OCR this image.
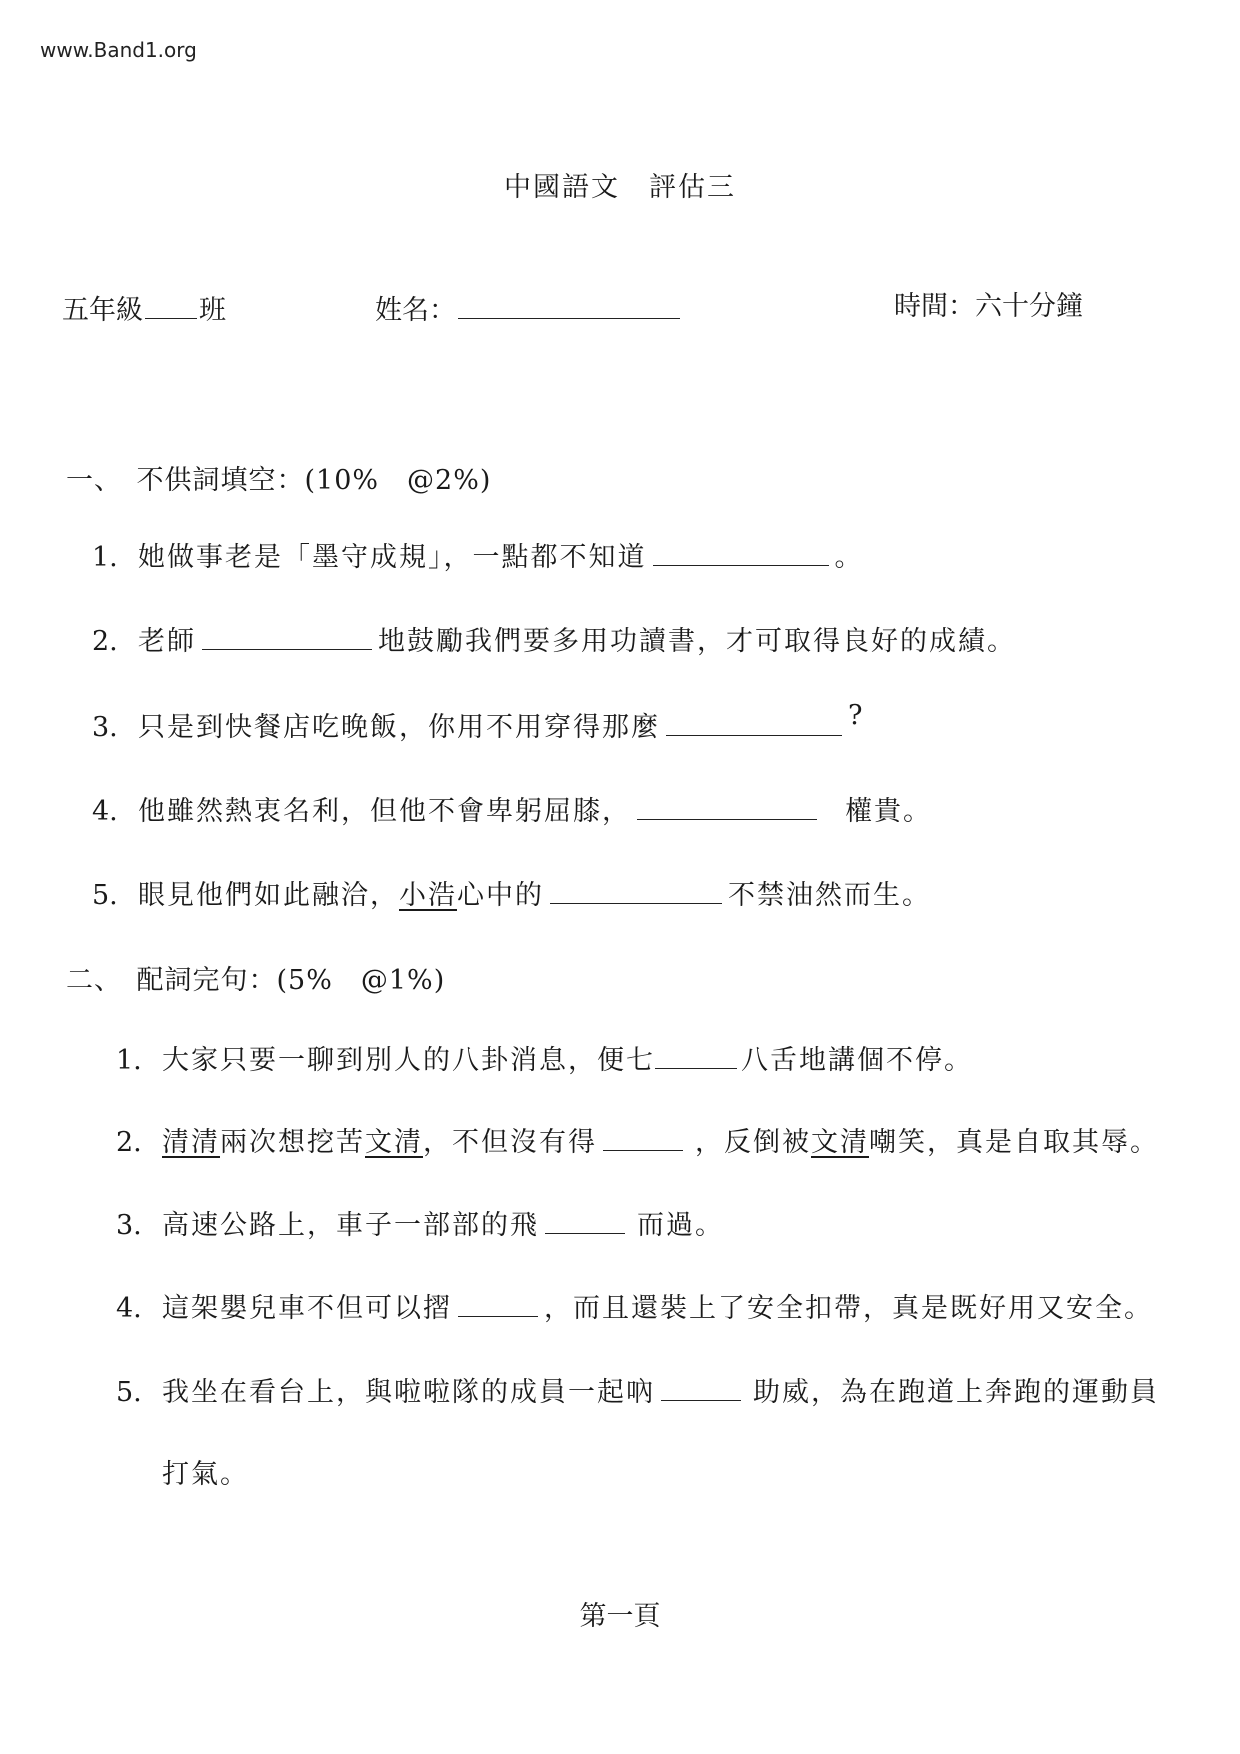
www.Band1.org
中國語文　評估三
五年級 班	姓名：	時間：六十分鐘
一、　不供詞填空：(10%　@2%)
1. 她做事老是「墨守成規」，一點都不知道	。
2. 老師	地鼓勵我們要多用功讀書，才可取得良好的成績。
3. 只是到快餐店吃晚飯，你用不用穿得那麼	?
4. 他雖然熱衷名利，但他不會卑躬屈膝，	權貴。
5. 眼見他們如此融洽，小浩心中的	不禁油然而生。
二、　配詞完句：(5%　@1%)
1. 大家只要一聊到別人的八卦消息，便七	八舌地講個不停。
2. 清清兩次想挖苦文清，不但沒有得	，反倒被文清嘲笑，真是自取其辱。
3. 高速公路上，車子一部部的飛	而過。
4. 這架嬰兒車不但可以摺	，而且還裝上了安全扣帶，真是既好用又安全。
5. 我坐在看台上，與啦啦隊的成員一起吶	助威，為在跑道上奔跑的運動員
打氣。
第一頁
